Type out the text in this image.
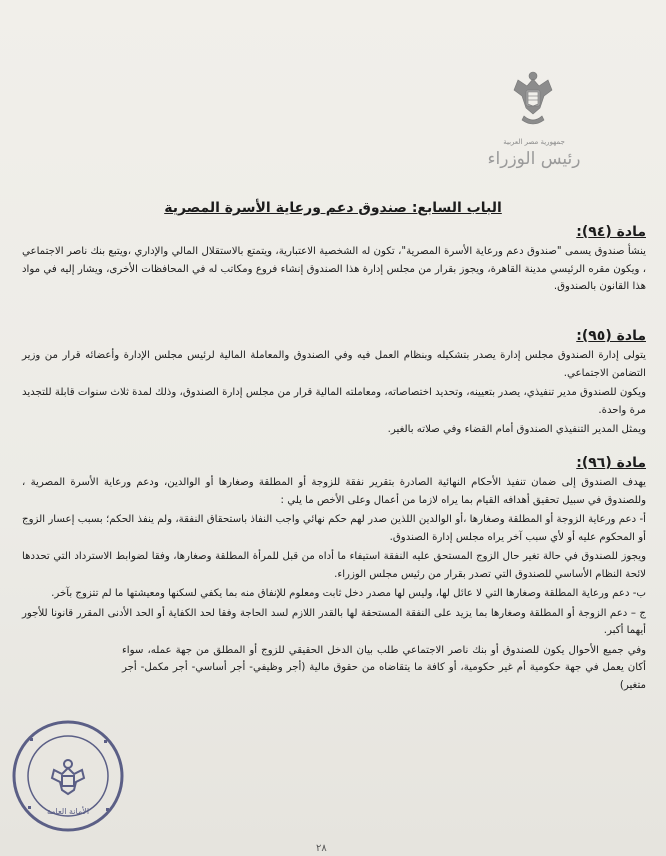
جمهورية مصر العربية
رئيس الوزراء
الباب السابع: صندوق دعم ورعاية الأسرة المصرية
مادة (٩٤):

ينشأ صندوق يسمى "صندوق دعم ورعاية الأسرة المصرية"، تكون له الشخصية الاعتبارية، ويتمتع بالاستقلال المالي والإداري ،ويتبع بنك ناصر الاجتماعي ، ويكون مقره الرئيسي مدينة القاهرة، ويجوز بقرار من مجلس إدارة هذا الصندوق إنشاء فروع ومكاتب له في المحافظات الأخرى، ويشار إليه في مواد هذا القانون بالصندوق.

مادة (٩٥):

يتولى إدارة الصندوق مجلس إدارة يصدر بتشكيله وبنظام العمل فيه وفي الصندوق والمعاملة المالية لرئيس مجلس الإدارة وأعضائه قرار من وزير التضامن الاجتماعي.

ويكون للصندوق مدير تنفيذي، يصدر بتعيينه، وتحديد اختصاصاته، ومعاملته المالية قرار من مجلس إدارة الصندوق، وذلك لمدة ثلاث سنوات قابلة للتجديد مرة واحدة.

ويمثل المدير التنفيذي الصندوق أمام القضاء وفي صلاته بالغير.

مادة (٩٦):

يهدف الصندوق إلى ضمان تنفيذ الأحكام النهائية الصادرة بتقرير نفقة للزوجة أو المطلقة وصغارها أو الوالدين، ودعم ورعاية الأسرة المصرية ، وللصندوق في سبيل تحقيق أهدافه القيام بما يراه لازما من أعمال وعلى الأخص ما يلي :

أ- دعم ورعاية الزوجة أو المطلقة وصغارها ،أو الوالدين اللذين صدر لهم حكم نهائي واجب النفاذ باستحقاق النفقة، ولم ينفذ الحكم؛ بسبب إعسار الزوج أو المحكوم عليه أو لأي سبب آخر يراه مجلس إدارة الصندوق.

ويجوز للصندوق في حالة تغير حال الزوج المستحق عليه النفقة استيفاء ما أداه من قبل للمرأة المطلقة وصغارها، وفقا لضوابط الاسترداد التي تحددها لائحة النظام الأساسي للصندوق التي تصدر بقرار من رئيس مجلس الوزراء.

ب- دعم ورعاية المطلقة وصغارها التي لا عائل لها، وليس لها مصدر دخل ثابت ومعلوم للإنفاق منه بما يكفي لسكنها ومعيشتها ما لم تتزوج بآخر.

ج – دعم الزوجة أو المطلقة وصغارها بما يزيد على النفقة المستحقة لها بالقدر اللازم لسد الحاجة وفقا لحد الكفاية أو الحد الأدنى المقرر قانونا للأجور أيهما أكبر.

وفي جميع الأحوال يكون للصندوق أو بنك ناصر الاجتماعي طلب بيان الدخل الحقيقي للزوج أو المطلق من جهة عمله، سواء أكان يعمل في جهة حكومية أم غير حكومية، أو كافة ما يتقاضاه من حقوق مالية (أجر وظيفي- أجر أساسي- أجر مكمل- أجر متغير)

الأمانة العامة
٢٨
